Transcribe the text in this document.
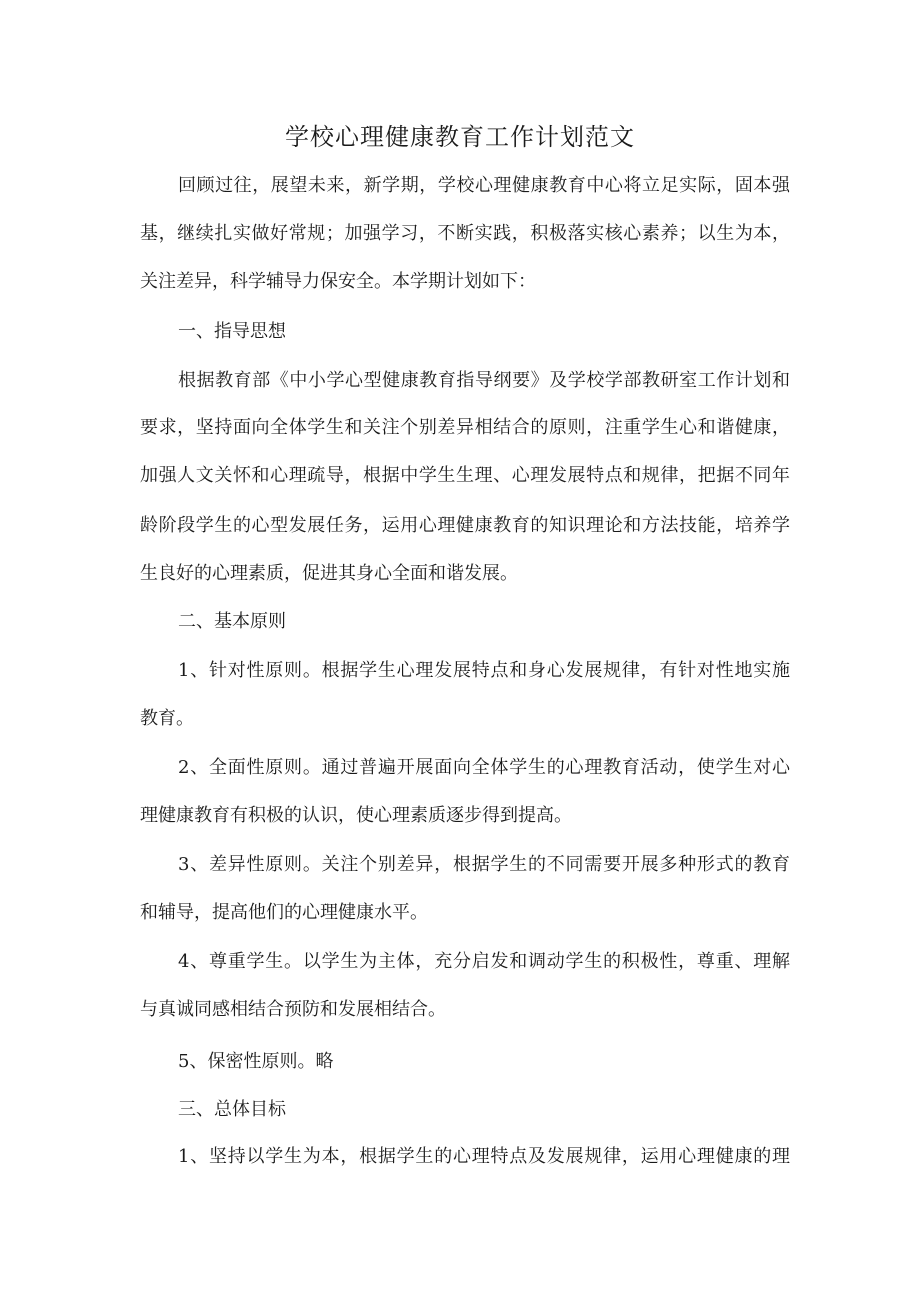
学校心理健康教育工作计划范文
回顾过往，展望未来，新学期，学校心理健康教育中心将立足实际，固本强
基，继续扎实做好常规；加强学习，不断实践，积极落实核心素养；以生为本，
关注差异，科学辅导力保安全。本学期计划如下：
一、指导思想
根据教育部《中小学心型健康教育指导纲要》及学校学部教研室工作计划和
要求，坚持面向全体学生和关注个别差异相结合的原则，注重学生心和谐健康，
加强人文关怀和心理疏导，根据中学生生理、心理发展特点和规律，把据不同年
龄阶段学生的心型发展任务，运用心理健康教育的知识理论和方法技能，培养学
生良好的心理素质，促进其身心全面和谐发展。
二、基本原则
1、针对性原则。根据学生心理发展特点和身心发展规律，有针对性地实施
教育。
2、全面性原则。通过普遍开展面向全体学生的心理教育活动，使学生对心
理健康教育有积极的认识，使心理素质逐步得到提高。
3、差异性原则。关注个别差异，根据学生的不同需要开展多种形式的教育
和辅导，提高他们的心理健康水平。
4、尊重学生。以学生为主体，充分启发和调动学生的积极性，尊重、理解
与真诚同感相结合预防和发展相结合。
5、保密性原则。略
三、总体目标
1、坚持以学生为本，根据学生的心理特点及发展规律，运用心理健康的理
